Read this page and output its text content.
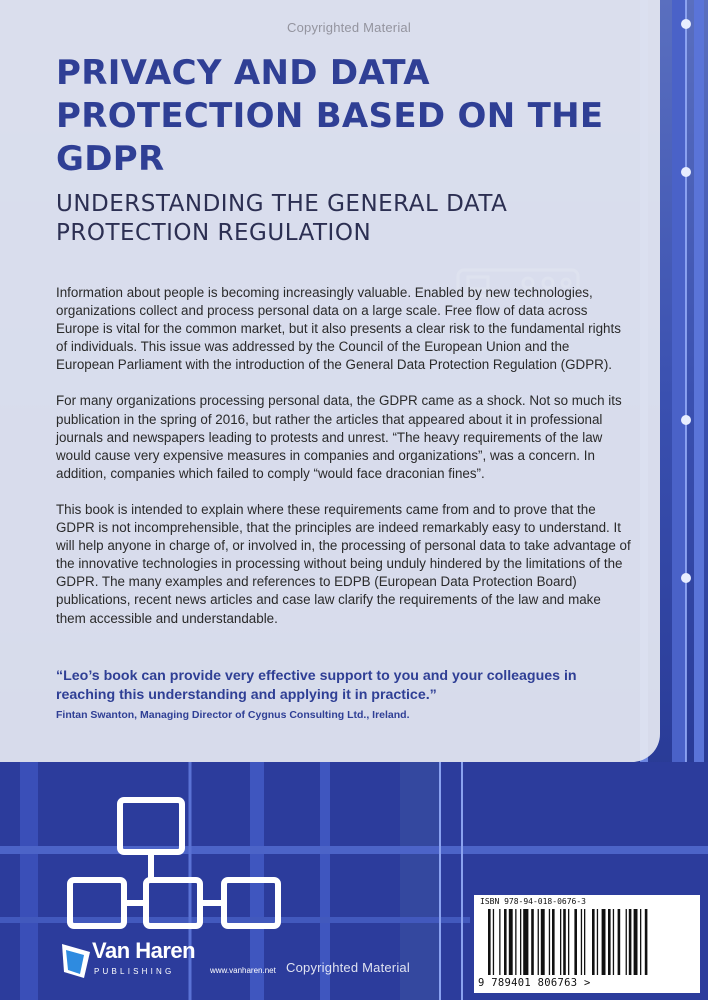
Copyrighted Material
PRIVACY AND DATA PROTECTION BASED ON THE GDPR
UNDERSTANDING THE GENERAL DATA PROTECTION REGULATION

Information about people is becoming increasingly valuable. Enabled by new technologies, organizations collect and process personal data on a large scale. Free flow of data across Europe is vital for the common market, but it also presents a clear risk to the fundamental rights of individuals. This issue was addressed by the Council of the European Union and the European Parliament with the introduction of the General Data Protection Regulation (GDPR).

For many organizations processing personal data, the GDPR came as a shock. Not so much its publication in the spring of 2016, but rather the articles that appeared about it in professional journals and newspapers leading to protests and unrest. “The heavy requirements of the law would cause very expensive measures in companies and organizations”, was a concern. In addition, companies which failed to comply “would face draconian fines”.

This book is intended to explain where these requirements came from and to prove that the GDPR is not incomprehensible, that the principles are indeed remarkably easy to understand. It will help anyone in charge of, or involved in, the processing of personal data to take advantage of the innovative technologies in processing without being unduly hindered by the limitations of the GDPR. The many examples and references to EDPB (European Data Protection Board) publications, recent news articles and case law clarify the requirements of the law and make them accessible and understandable.

“Leo’s book can provide very effective support to you and your colleagues in reaching this understanding and applying it in practice.”

Fintan Swanton, Managing Director of Cygnus Consulting Ltd., Ireland.

ISBN 978-94-018-0676-3
9 789401 806763 >
Van Haren
PUBLISHING	www.vanharen.net Copyrighted Material
